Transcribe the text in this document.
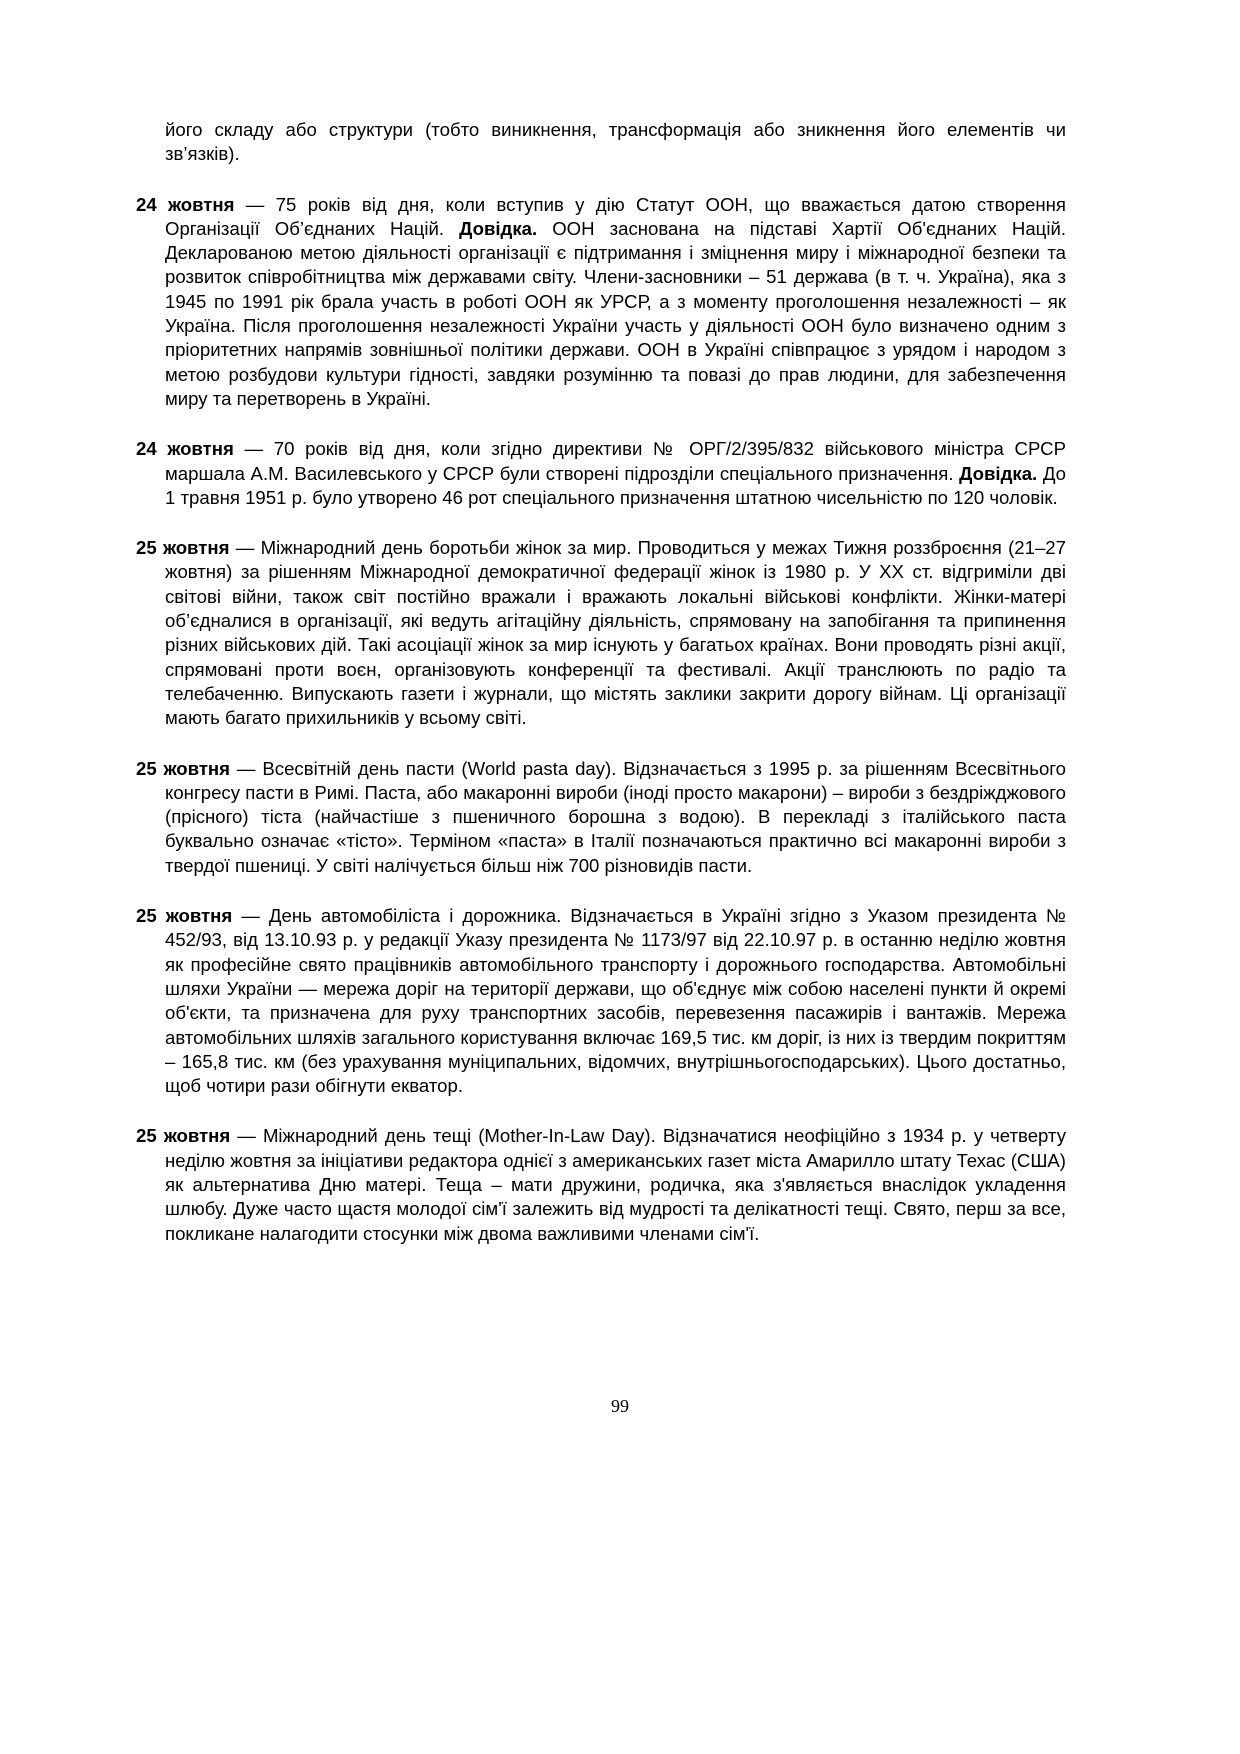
його складу або структури (тобто виникнення, трансформація або зникнення його елементів чи зв’язків).

24 жовтня — 75 років від дня, коли вступив у дію Статут ООН, що вважається датою створення Організації Об’єднаних Націй. Довідка. ООН заснована на підставі Хартії Об'єднаних Націй. Декларованою метою діяльності організації є підтримання і зміцнення миру і міжнародної безпеки та розвиток співробітництва між державами світу. Члени-засновники – 51 держава (в т. ч. Україна), яка з 1945 по 1991 рік брала участь в роботі ООН як УРСР, а з моменту проголошення незалежності – як Україна. Після проголошення незалежності України участь у діяльності ООН було визначено одним з пріоритетних напрямів зовнішньої політики держави. ООН в Україні співпрацює з урядом і народом з метою розбудови культури гідності, завдяки розумінню та повазі до прав людини, для забезпечення миру та перетворень в Україні.

24 жовтня — 70 років від дня, коли згідно директиви № ОРГ/2/395/832 військового міністра СРСР маршала А.М. Василевського у СРСР були створені підрозділи спеціального призначення. Довідка. До 1 травня 1951 р. було утворено 46 рот спеціального призначення штатною чисельністю по 120 чоловік.

25 жовтня — Міжнародний день боротьби жінок за мир. Проводиться у межах Тижня роззброєння (21–27 жовтня) за рішенням Міжнародної демократичної федерації жінок із 1980 р. У ХХ ст. відгриміли дві світові війни, також світ постійно вражали і вражають локальні військові конфлікти. Жінки-матері об’єдналися в організації, які ведуть агітаційну діяльність, спрямовану на запобігання та припинення різних військових дій. Такі асоціації жінок за мир існують у багатьох країнах. Вони проводять різні акції, спрямовані проти воєн, організовують конференції та фестивалі. Акції транслюють по радіо та телебаченню. Випускають газети і журнали, що містять заклики закрити дорогу війнам. Ці організації мають багато прихильників у всьому світі.

25 жовтня — Всесвітній день пасти (World pasta day). Відзначається з 1995 р. за рішенням Всесвітнього конгресу пасти в Римі. Паста, або макаронні вироби (іноді просто макарони) – вироби з бездріжджового (прісного) тіста (найчастіше з пшеничного борошна з водою). В перекладі з італійського паста буквально означає «тісто». Терміном «паста» в Італії позначаються практично всі макаронні вироби з твердої пшениці. У світі налічується більш ніж 700 різновидів пасти.

25 жовтня — День автомобіліста і дорожника. Відзначається в Україні згідно з Указом президента № 452/93, від 13.10.93 р. у редакції Указу президента № 1173/97 від 22.10.97 р. в останню неділю жовтня як професійне свято працівників автомобільного транспорту і дорожнього господарства. Автомобільні шляхи України — мережа доріг на території держави, що об'єднує між собою населені пункти й окремі об'єкти, та призначена для руху транспортних засобів, перевезення пасажирів і вантажів. Мережа автомобільних шляхів загального користування включає 169,5 тис. км доріг, із них із твердим покриттям – 165,8 тис. км (без урахування муніципальних, відомчих, внутрішньогосподарських). Цього достатньо, щоб чотири рази обігнути екватор.

25 жовтня — Міжнародний день тещі (Mother-In-Law Day). Відзначатися неофіційно з 1934 р. у четверту неділю жовтня за ініціативи редактора однієї з американських газет міста Амарилло штату Техас (США) як альтернатива Дню матері. Теща – мати дружини, родичка, яка з'являється внаслідок укладення шлюбу. Дуже часто щастя молодої сім'ї залежить від мудрості та делікатності тещі. Свято, перш за все, покликане налагодити стосунки між двома важливими членами сім'ї.

99
